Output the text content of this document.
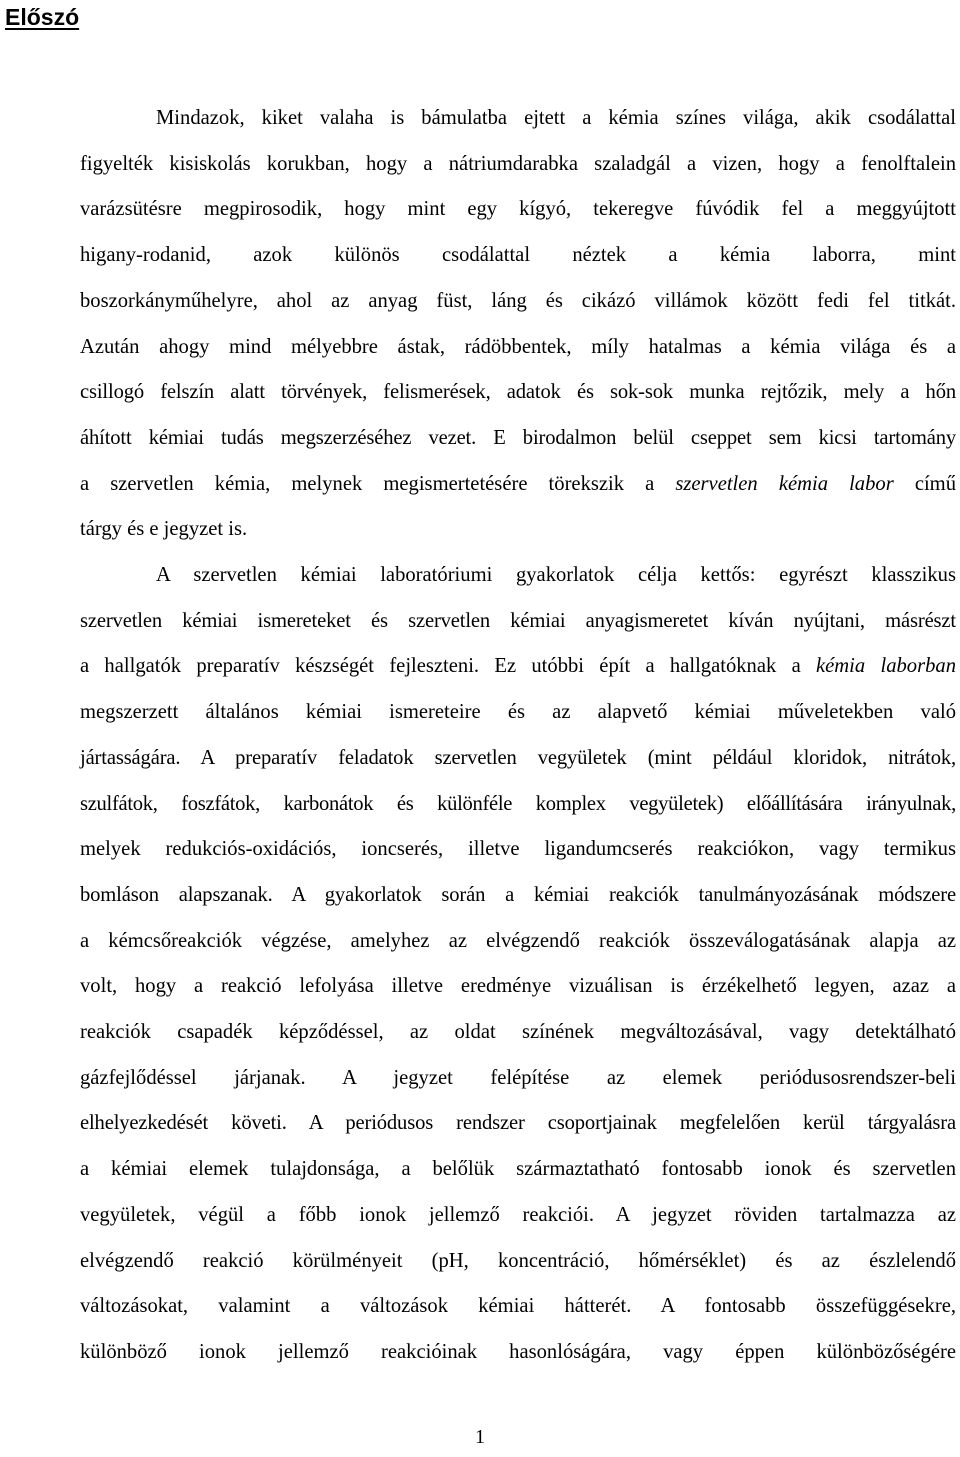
Előszó
Mindazok, kiket valaha is bámulatba ejtett a kémia színes világa, akik csodálattal
figyelték kisiskolás korukban, hogy a nátriumdarabka szaladgál a vizen, hogy a fenolftalein
varázsütésre megpirosodik, hogy mint egy kígyó, tekeregve fúvódik fel a meggyújtott
higany-rodanid, azok különös csodálattal néztek a kémia laborra, mint
boszorkányműhelyre, ahol az anyag füst, láng és cikázó villámok között fedi fel titkát.
Azután ahogy mind mélyebbre ástak, rádöbbentek, míly hatalmas a kémia világa és a
csillogó felszín alatt törvények, felismerések, adatok és sok-sok munka rejtőzik, mely a hőn
áhított kémiai tudás megszerzéséhez vezet. E birodalmon belül cseppet sem kicsi tartomány
a szervetlen kémia, melynek megismertetésére törekszik a szervetlen kémia labor című
tárgy és e jegyzet is.
A szervetlen kémiai laboratóriumi gyakorlatok célja kettős: egyrészt klasszikus
szervetlen kémiai ismereteket és szervetlen kémiai anyagismeretet kíván nyújtani, másrészt
a hallgatók preparatív készségét fejleszteni. Ez utóbbi épít a hallgatóknak a kémia laborban
megszerzett általános kémiai ismereteire és az alapvető kémiai műveletekben való
jártasságára. A preparatív feladatok szervetlen vegyületek (mint például kloridok, nitrátok,
szulfátok, foszfátok, karbonátok és különféle komplex vegyületek) előállítására irányulnak,
melyek redukciós-oxidációs, ioncserés, illetve ligandumcserés reakciókon, vagy termikus
bomláson alapszanak. A gyakorlatok során a kémiai reakciók tanulmányozásának módszere
a kémcsőreakciók végzése, amelyhez az elvégzendő reakciók összeválogatásának alapja az
volt, hogy a reakció lefolyása illetve eredménye vizuálisan is érzékelhető legyen, azaz a
reakciók csapadék képződéssel, az oldat színének megváltozásával, vagy detektálható
gázfejlődéssel járjanak. A jegyzet felépítése az elemek periódusosrendszer-beli
elhelyezkedését követi. A periódusos rendszer csoportjainak megfelelően kerül tárgyalásra
a kémiai elemek tulajdonsága, a belőlük származtatható fontosabb ionok és szervetlen
vegyületek, végül a főbb ionok jellemző reakciói. A jegyzet röviden tartalmazza az
elvégzendő reakció körülményeit (pH, koncentráció, hőmérséklet) és az észlelendő
változásokat, valamint a változások kémiai hátterét. A fontosabb összefüggésekre,
különböző ionok jellemző reakcióinak hasonlóságára, vagy éppen különbözőségére
1
